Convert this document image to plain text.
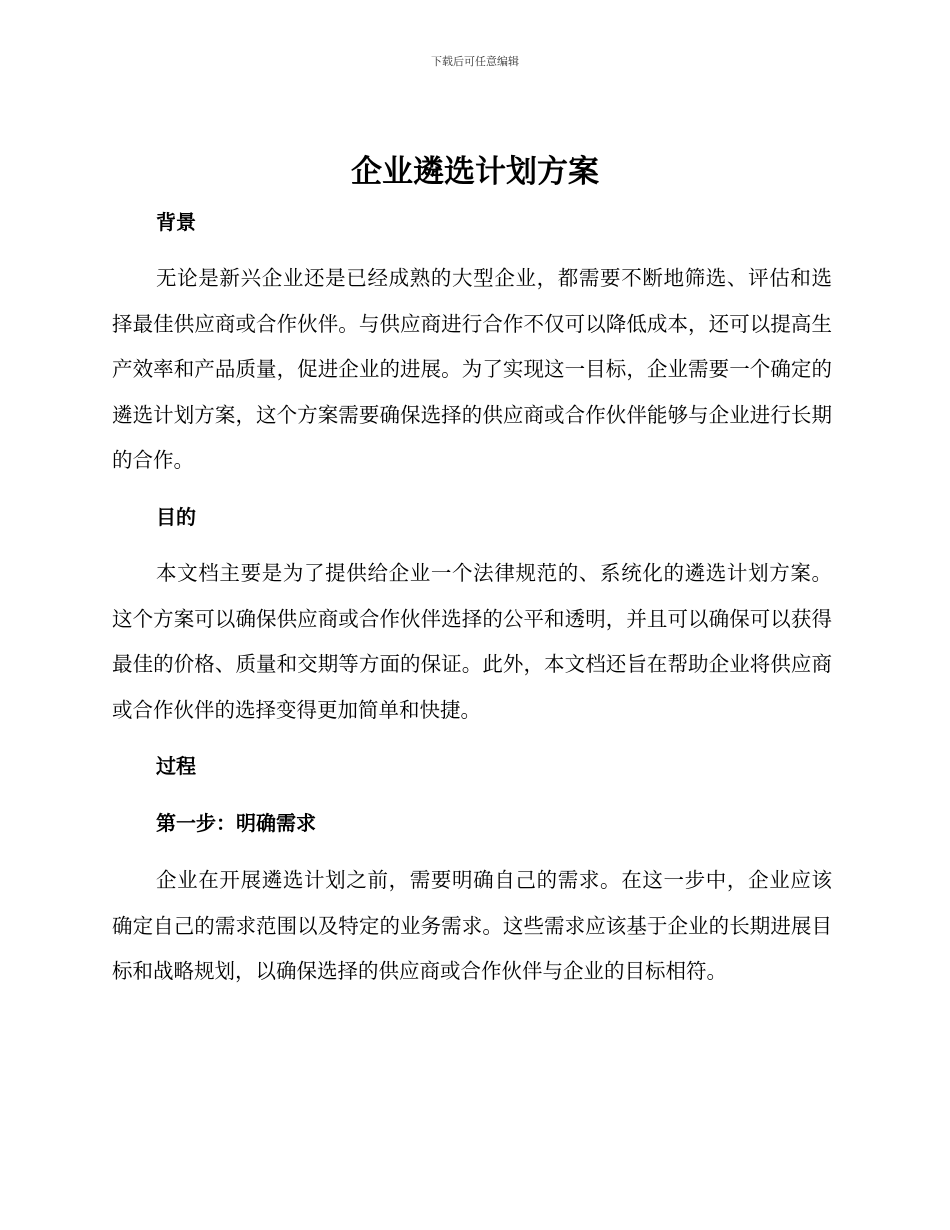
下载后可任意编辑
企业遴选计划方案
背景

无论是新兴企业还是已经成熟的大型企业，都需要不断地筛选、评估和选择最佳供应商或合作伙伴。与供应商进行合作不仅可以降低成本，还可以提高生产效率和产品质量，促进企业的进展。为了实现这一目标，企业需要一个确定的遴选计划方案，这个方案需要确保选择的供应商或合作伙伴能够与企业进行长期的合作。

目的

本文档主要是为了提供给企业一个法律规范的、系统化的遴选计划方案。这个方案可以确保供应商或合作伙伴选择的公平和透明，并且可以确保可以获得最佳的价格、质量和交期等方面的保证。此外，本文档还旨在帮助企业将供应商或合作伙伴的选择变得更加简单和快捷。

过程
第一步：明确需求

企业在开展遴选计划之前，需要明确自己的需求。在这一步中，企业应该确定自己的需求范围以及特定的业务需求。这些需求应该基于企业的长期进展目标和战略规划，以确保选择的供应商或合作伙伴与企业的目标相符。
